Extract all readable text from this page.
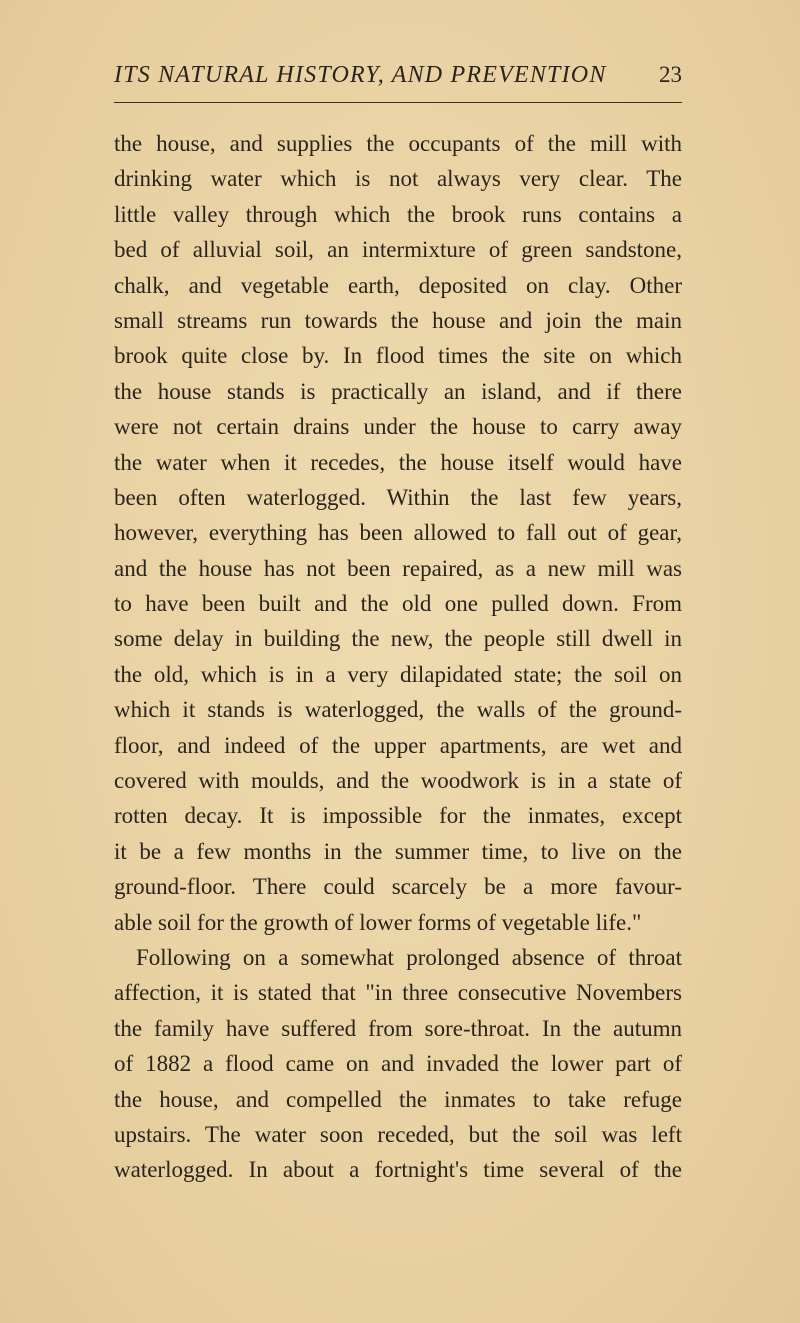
ITS NATURAL HISTORY, AND PREVENTION 23
the house, and supplies the occupants of the mill with
drinking water which is not always very clear. The
little valley through which the brook runs contains a
bed of alluvial soil, an intermixture of green sandstone,
chalk, and vegetable earth, deposited on clay. Other
small streams run towards the house and join the main
brook quite close by. In flood times the site on which
the house stands is practically an island, and if there
were not certain drains under the house to carry away
the water when it recedes, the house itself would have
been often waterlogged. Within the last few years,
however, everything has been allowed to fall out of gear,
and the house has not been repaired, as a new mill was
to have been built and the old one pulled down. From
some delay in building the new, the people still dwell in
the old, which is in a very dilapidated state; the soil on
which it stands is waterlogged, the walls of the ground-
floor, and indeed of the upper apartments, are wet and
covered with moulds, and the woodwork is in a state of
rotten decay. It is impossible for the inmates, except
it be a few months in the summer time, to live on the
ground-floor. There could scarcely be a more favour-
able soil for the growth of lower forms of vegetable life."
Following on a somewhat prolonged absence of throat
affection, it is stated that "in three consecutive Novembers
the family have suffered from sore-throat. In the autumn
of 1882 a flood came on and invaded the lower part of
the house, and compelled the inmates to take refuge
upstairs. The water soon receded, but the soil was left
waterlogged. In about a fortnight's time several of the
